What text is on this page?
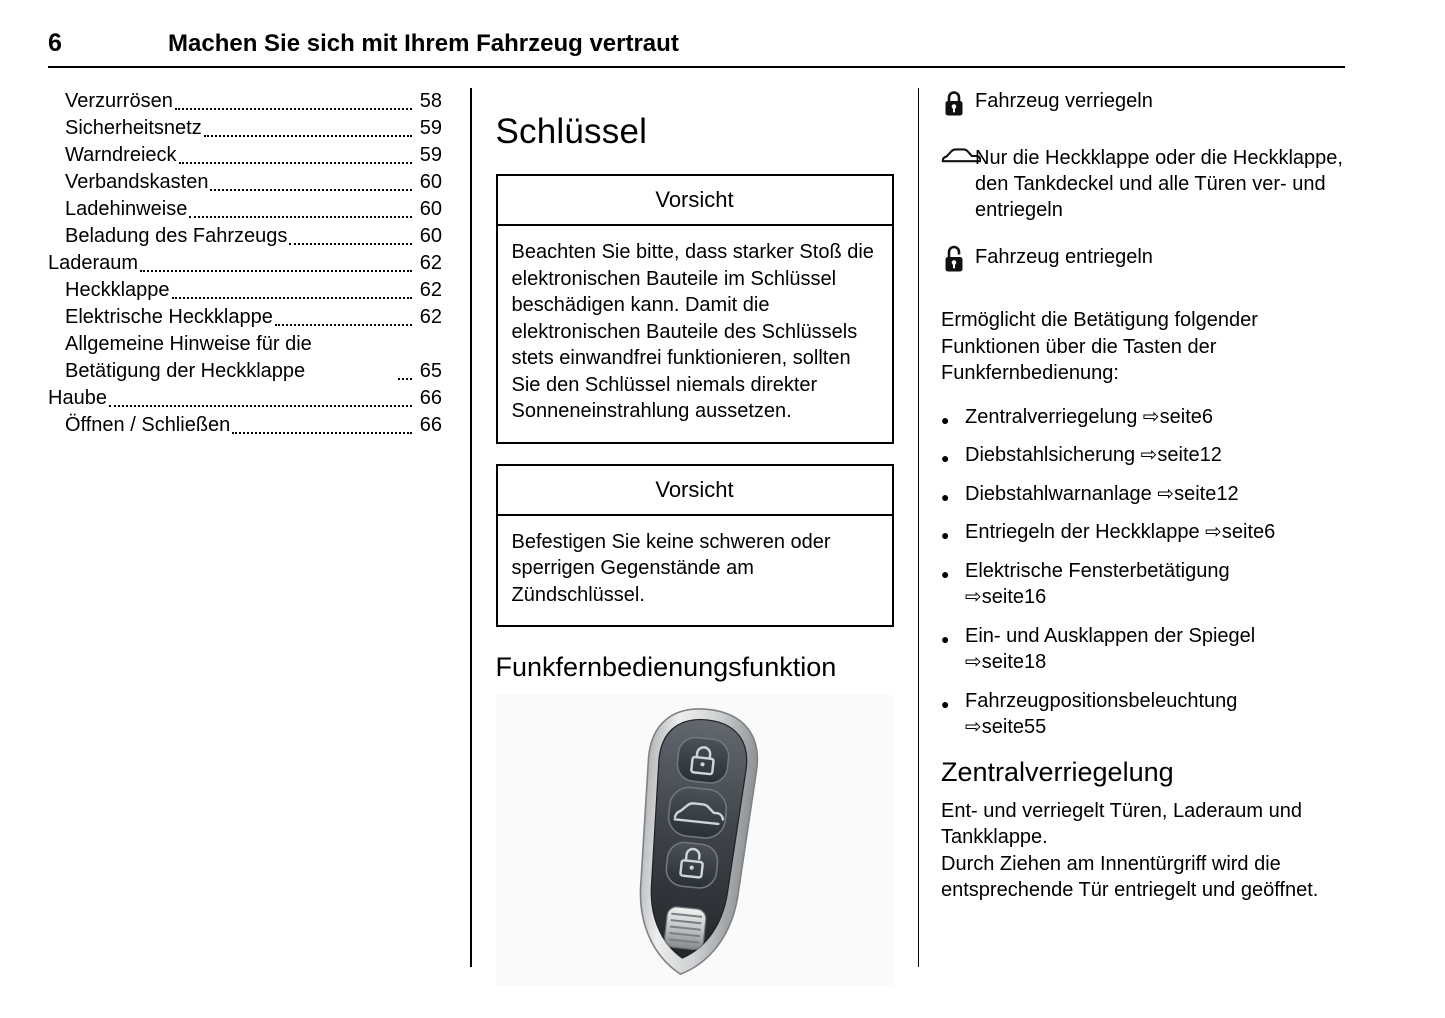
6	Machen Sie sich mit Ihrem Fahrzeug vertraut
Verzurrösen	58
Sicherheitsnetz	59
Warndreieck	59
Verbandskasten	60
Ladehinweise	60
Beladung des Fahrzeugs	60
Laderaum	62
Heckklappe	62
Elektrische Heckklappe	62
Allgemeine Hinweise für die Betätigung der Heckklappe	65
Haube	66
Öffnen / Schließen	66
Schlüssel
Vorsicht
Beachten Sie bitte, dass starker Stoß die elektronischen Bauteile im Schlüssel beschädigen kann. Damit die elektronischen Bauteile des Schlüssels stets einwandfrei funktionieren, sollten Sie den Schlüssel niemals direkter Sonneneinstrahlung aussetzen.
Vorsicht
Befestigen Sie keine schweren oder sperrigen Gegenstände am Zündschlüssel.
Funkfernbedienungsfunktion
Fahrzeug verriegeln
Nur die Heckklappe oder die Heckklappe, den Tankdeckel und alle Türen ver- und entriegeln
Fahrzeug entriegeln

Ermöglicht die Betätigung folgender Funktionen über die Tasten der Funkfernbedienung:

● Zentralverriegelung ⇨seite6
● Diebstahlsicherung ⇨seite12
● Diebstahlwarnanlage ⇨seite12
● Entriegeln der Heckklappe ⇨seite6
● Elektrische Fensterbetätigung ⇨seite16
● Ein- und Ausklappen der Spiegel ⇨seite18
● Fahrzeugpositionsbeleuchtung ⇨seite55
Zentralverriegelung

Ent- und verriegelt Türen, Laderaum und Tankklappe.

Durch Ziehen am Innentürgriff wird die entsprechende Tür entriegelt und geöffnet.
